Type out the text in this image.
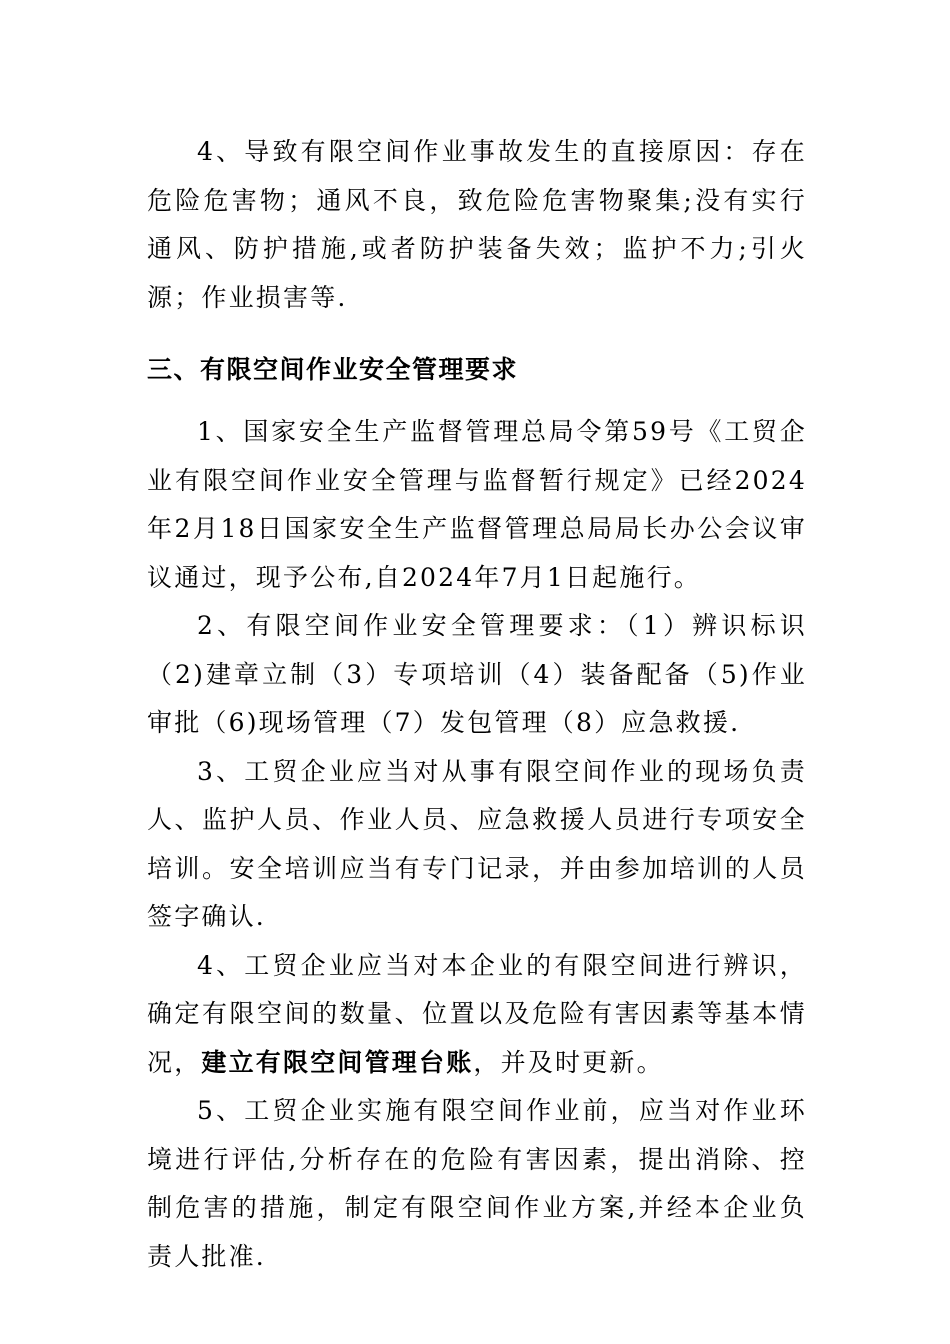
4、导致有限空间作业事故发生的直接原因：存在危险危害物；通风不良，致危险危害物聚集;没有实行通风、防护措施,或者防护装备失效；监护不力;引火源；作业损害等.

三、有限空间作业安全管理要求

1、国家安全生产监督管理总局令第59号《工贸企业有限空间作业安全管理与监督暂行规定》已经2024年2月18日国家安全生产监督管理总局局长办公会议审议通过，现予公布,自2024年7月1日起施行。

2、有限空间作业安全管理要求：（1）辨识标识（2)建章立制（3）专项培训（4）装备配备（5)作业审批（6)现场管理（7）发包管理（8）应急救援.

3、工贸企业应当对从事有限空间作业的现场负责人、监护人员、作业人员、应急救援人员进行专项安全培训。安全培训应当有专门记录，并由参加培训的人员签字确认.

4、工贸企业应当对本企业的有限空间进行辨识，确定有限空间的数量、位置以及危险有害因素等基本情况，建立有限空间管理台账，并及时更新。

5、工贸企业实施有限空间作业前，应当对作业环境进行评估,分析存在的危险有害因素，提出消除、控制危害的措施，制定有限空间作业方案,并经本企业负责人批准.
